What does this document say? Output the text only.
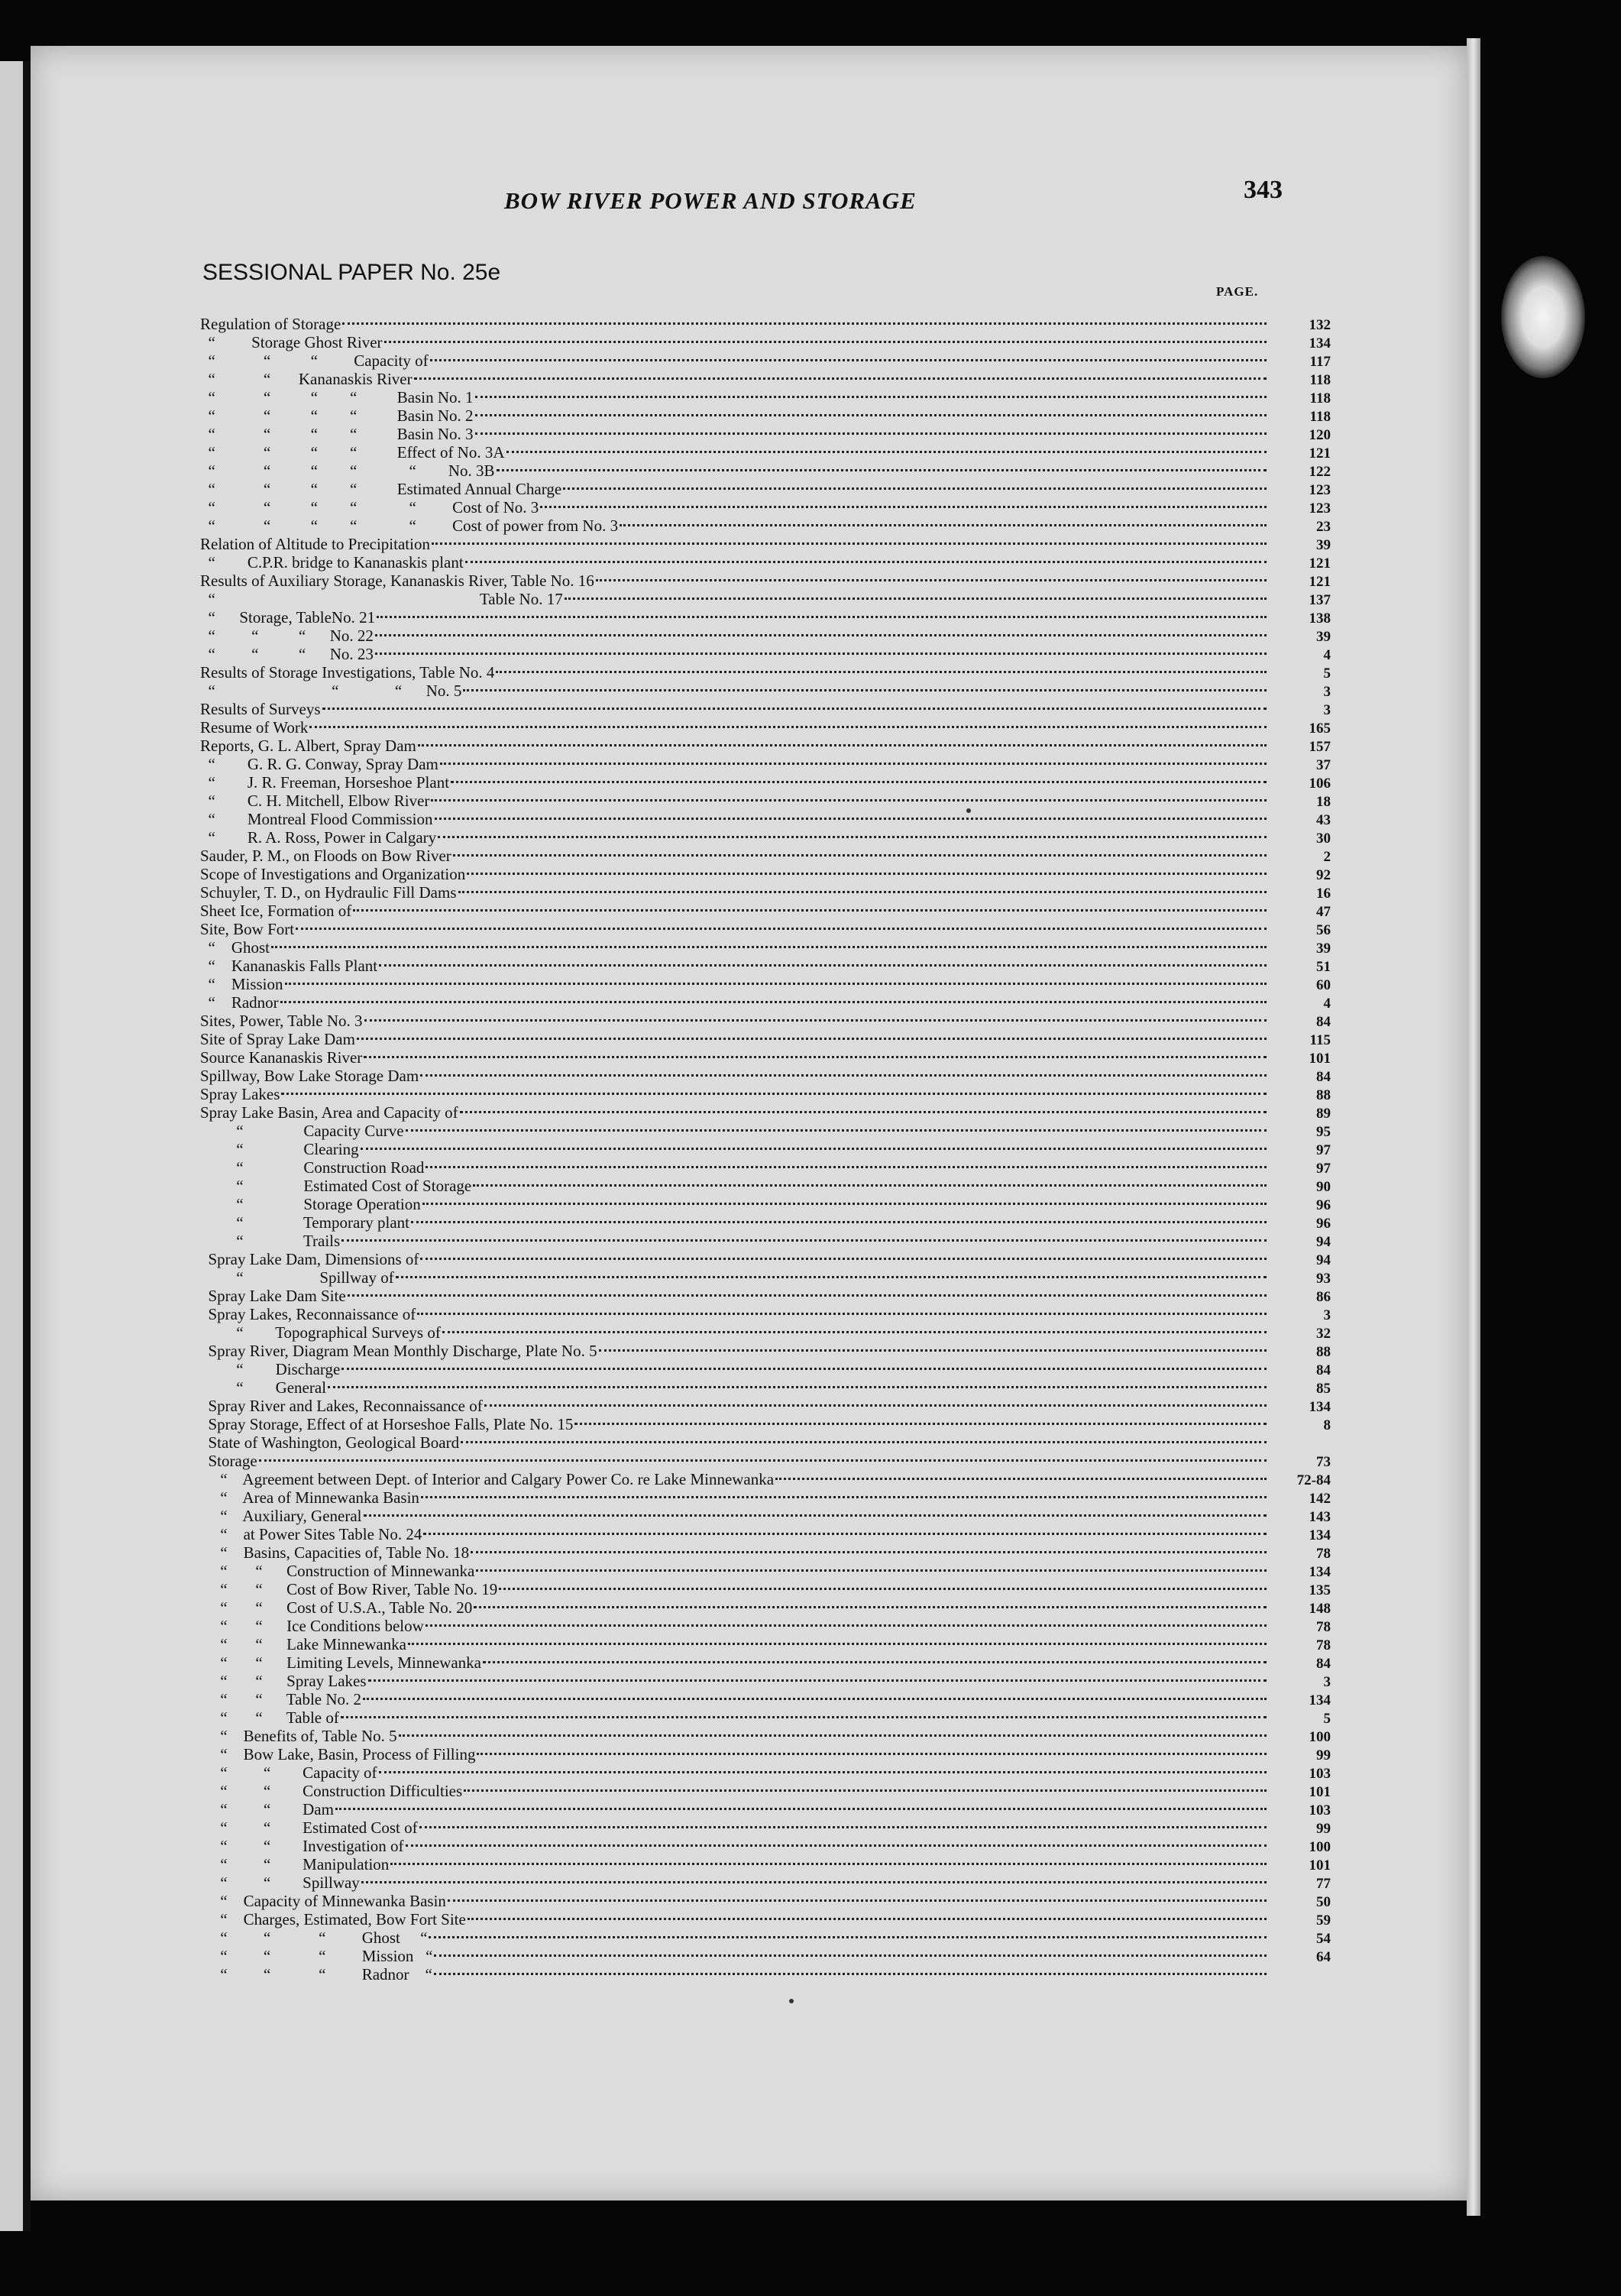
BOW RIVER POWER AND STORAGE	343
SESSIONAL PAPER No. 25e
PAGE.
Regulation of Storage	132
“         Storage Ghost River	134
“            “          “         Capacity of	117
“            “       Kananaskis River	118
“            “          “        “          Basin No. 1	118
“            “          “        “          Basin No. 2	118
“            “          “        “          Basin No. 3	120
“            “          “        “          Effect of No. 3A	121
“            “          “        “             “        No. 3B	122
“            “          “        “          Estimated Annual Charge	123
“            “          “        “             “         Cost of No. 3	123
“            “          “        “             “         Cost of power from No. 3	23
Relation of Altitude to Precipitation	39
“        C.P.R. bridge to Kananaskis plant	121
Results of Auxiliary Storage, Kananaskis River, Table No. 16	121
“                                                                  Table No. 17	137
“      Storage, TableNo. 21	138
“         “          “      No. 22	39
“         “          “      No. 23	4
Results of Storage Investigations, Table No. 4	5
“                             “              “      No. 5	3
Results of Surveys	3
Resume of Work	165
Reports, G. L. Albert, Spray Dam	157
“        G. R. G. Conway, Spray Dam	37
“        J. R. Freeman, Horseshoe Plant	106
“        C. H. Mitchell, Elbow River	18
“        Montreal Flood Commission	43
“        R. A. Ross, Power in Calgary	30
Sauder, P. M., on Floods on Bow River	2
Scope of Investigations and Organization	92
Schuyler, T. D., on Hydraulic Fill Dams	16
Sheet Ice, Formation of	47
Site, Bow Fort	56
“    Ghost	39
“    Kananaskis Falls Plant	51
“    Mission	60
“    Radnor	4
Sites, Power, Table No. 3	84
Site of Spray Lake Dam	115
Source Kananaskis River	101
Spillway, Bow Lake Storage Dam	84
Spray Lakes	88
Spray Lake Basin, Area and Capacity of	89
“               Capacity Curve	95
“               Clearing	97
“               Construction Road	97
“               Estimated Cost of Storage	90
“               Storage Operation	96
“               Temporary plant	96
“               Trails	94
Spray Lake Dam, Dimensions of	94
“                   Spillway of	93
Spray Lake Dam Site	86
Spray Lakes, Reconnaissance of	3
“        Topographical Surveys of	32
Spray River, Diagram Mean Monthly Discharge, Plate No. 5	88
“        Discharge	84
“        General	85
Spray River and Lakes, Reconnaissance of	134
Spray Storage, Effect of at Horseshoe Falls, Plate No. 15	8
State of Washington, Geological Board
Storage	73
“    Agreement between Dept. of Interior and Calgary Power Co. re Lake Minnewanka	72-84
“    Area of Minnewanka Basin	142
“    Auxiliary, General	143
“    at Power Sites Table No. 24	134
“    Basins, Capacities of, Table No. 18	78
“       “      Construction of Minnewanka	134
“       “      Cost of Bow River, Table No. 19	135
“       “      Cost of U.S.A., Table No. 20	148
“       “      Ice Conditions below	78
“       “      Lake Minnewanka	78
“       “      Limiting Levels, Minnewanka	84
“       “      Spray Lakes	3
“       “      Table No. 2	134
“       “      Table of	5
“    Benefits of, Table No. 5	100
“    Bow Lake, Basin, Process of Filling	99
“         “        Capacity of	103
“         “        Construction Difficulties	101
“         “        Dam	103
“         “        Estimated Cost of	99
“         “        Investigation of	100
“         “        Manipulation	101
“         “        Spillway	77
“    Capacity of Minnewanka Basin	50
“    Charges, Estimated, Bow Fort Site	59
“         “            “         Ghost     “	54
“         “            “         Mission   “	64
“         “            “         Radnor    “
